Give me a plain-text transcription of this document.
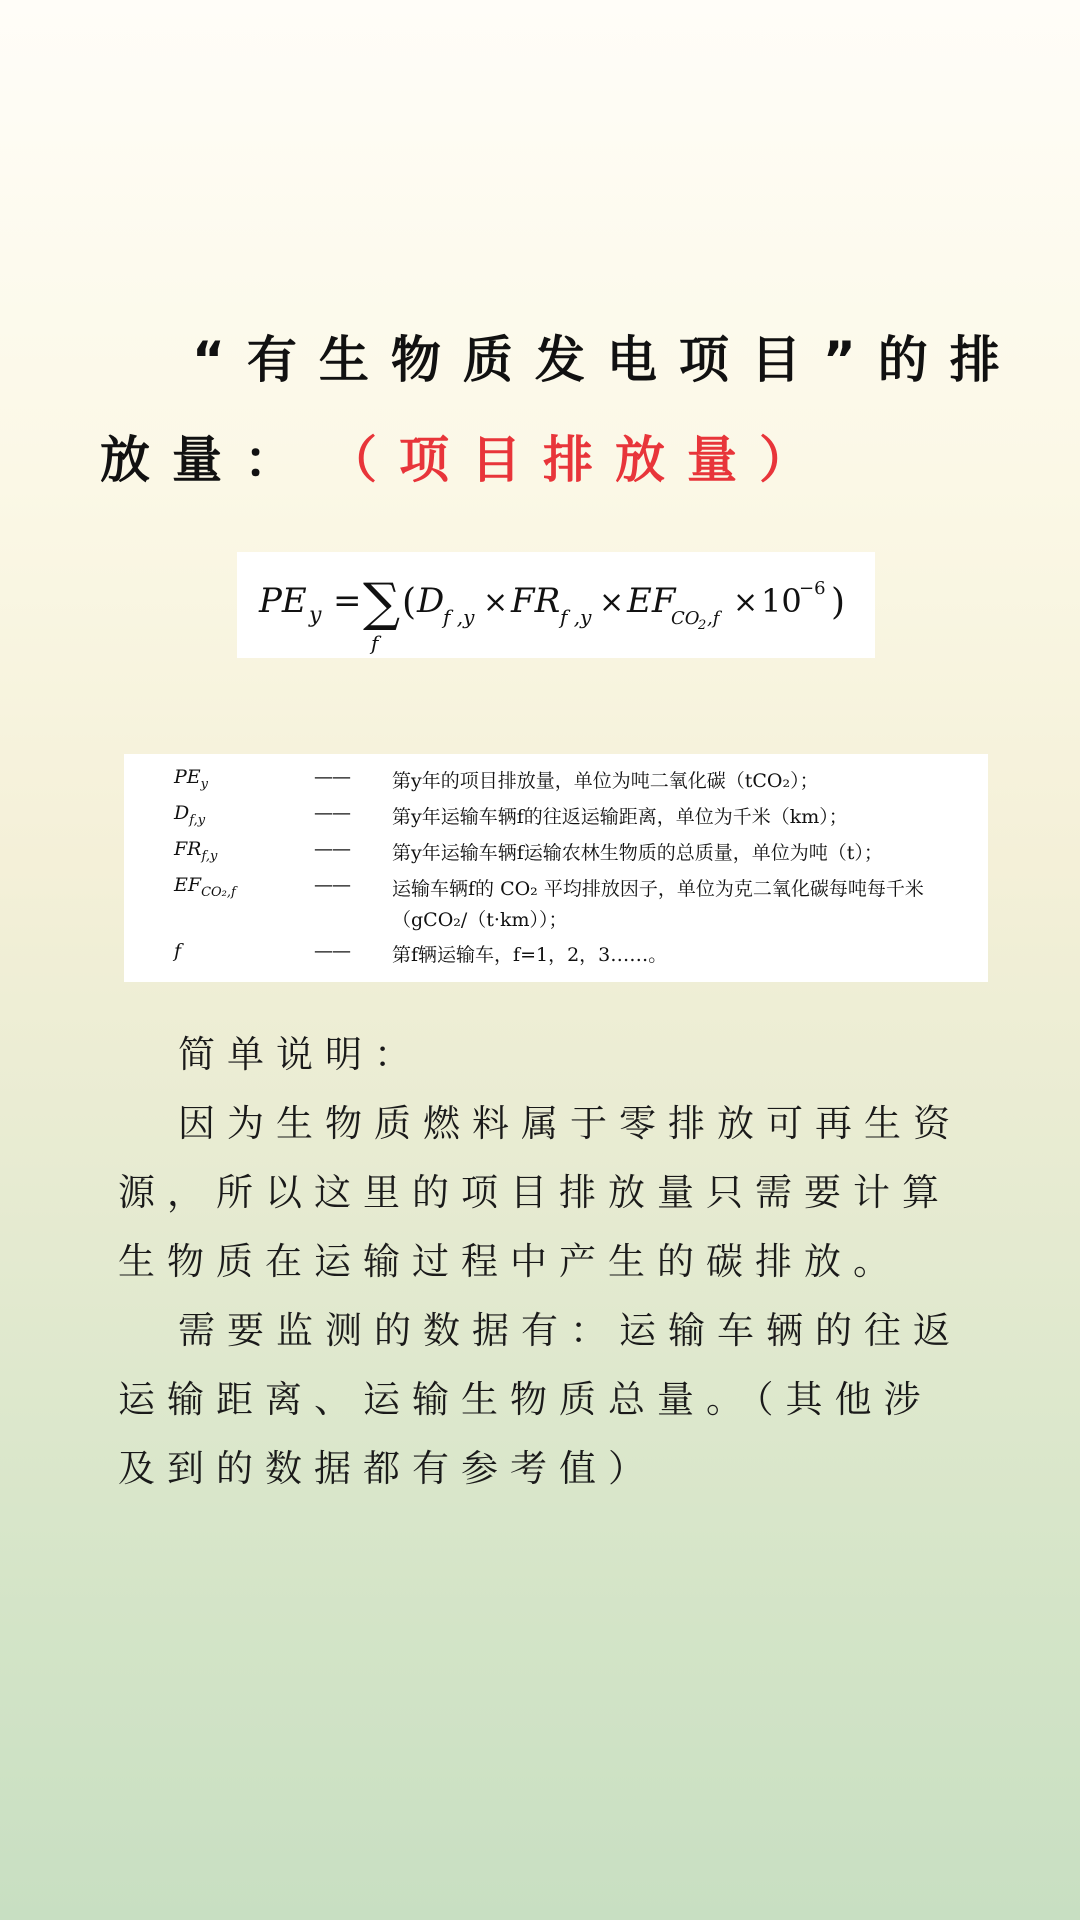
“有生物质发电项目”的排
放量： （项目排放量）
PE y = ∑
f
( D
f ,y × FR f ,y × EF
CO
2 ,f × 10
−6 )
$PE_y$	—— 第y年的项目排放量，单位为吨二氧化碳（tCO₂）；
$D_{f,y}$	—— 第y年运输车辆f的往返运输距离，单位为千米（km）；
$FR_{f,y}$	—— 第y年运输车辆f运输农林生物质的总质量，单位为吨（t）；
$EF_{CO_2,f}$	—— 运输车辆f的 CO₂ 平均排放因子，单位为克二氧化碳每吨每千米（gCO₂/（t·km））；
f	—— 第f辆运输车，f=1，2，3……。

简单说明：

因为生物质燃料属于零排放可再生资源，所以这里的项目排放量只需要计算生物质在运输过程中产生的碳排放。

需要监测的数据有：运输车辆的往返运输距离、运输生物质总量。（其他涉及到的数据都有参考值）
